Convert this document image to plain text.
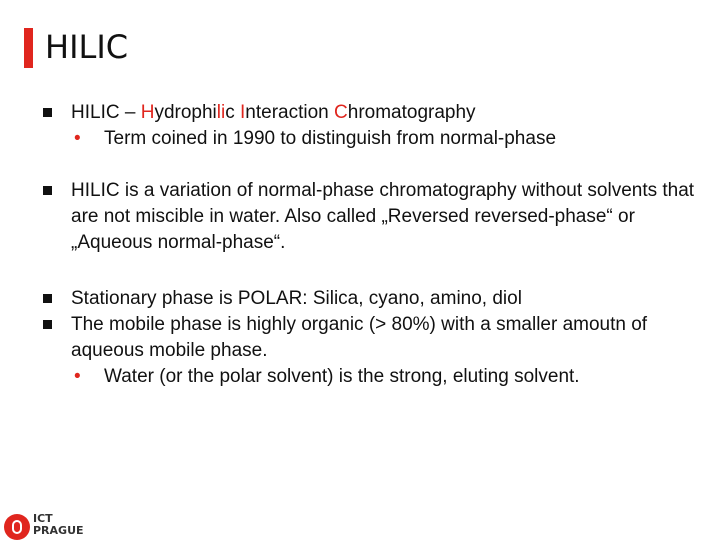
HILIC
HILIC – Hydrophilic Interaction Chromatography
• Term coined in 1990 to distinguish from normal-phase
HILIC is a variation of normal-phase chromatography without solvents that are not miscible in water. Also called „Reversed reversed-phase“ or „Aqueous normal-phase“.
Stationary phase is POLAR: Silica, cyano, amino, diol
The mobile phase is highly organic (> 80%) with a smaller amoutn of aqueous mobile phase.
• Water (or the polar solvent) is the strong, eluting solvent.
ICT
PRAGUE
